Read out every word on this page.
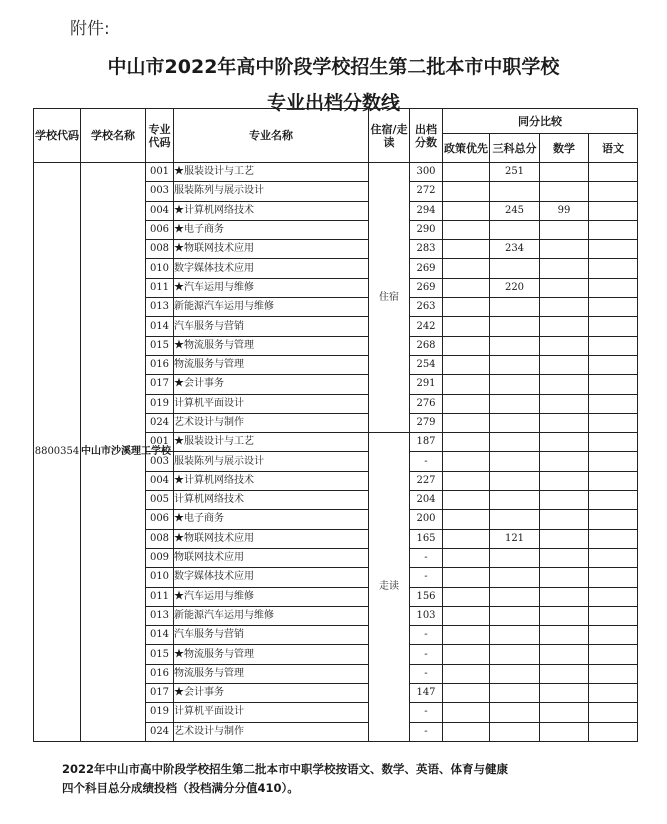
附件:
中山市2022年高中阶段学校招生第二批本市中职学校
专业出档分数线
学校代码	学校名称	专业代码	专业名称	住宿/走读	出档分数	同分比较			
						政策优先	三科总分	数学	语文
8800354	中山市沙溪理工学校	001	★服装设计与工艺	住宿	300		251		
		003	服装陈列与展示设计		272				
		004	★计算机网络技术		294		245	99	
		006	★电子商务		290				
		008	★物联网技术应用		283		234		
		010	数字媒体技术应用		269				
		011	★汽车运用与维修		269		220		
		013	新能源汽车运用与维修		263				
		014	汽车服务与营销		242				
		015	★物流服务与管理		268				
		016	物流服务与管理		254				
		017	★会计事务		291				
		019	计算机平面设计		276				
		024	艺术设计与制作		279				
		001	★服装设计与工艺	走读	187				
		003	服装陈列与展示设计		-				
		004	★计算机网络技术		227				
		005	计算机网络技术		204				
		006	★电子商务		200				
		008	★物联网技术应用		165		121		
		009	物联网技术应用		-				
		010	数字媒体技术应用		-				
		011	★汽车运用与维修		156				
		013	新能源汽车运用与维修		103				
		014	汽车服务与营销		-				
		015	★物流服务与管理		-				
		016	物流服务与管理		-				
		017	★会计事务		147				
		019	计算机平面设计		-				
		024	艺术设计与制作		-				
2022年中山市高中阶段学校招生第二批本市中职学校按语文、数学、英语、体育与健康
四个科目总分成绩投档（投档满分分值410）。
